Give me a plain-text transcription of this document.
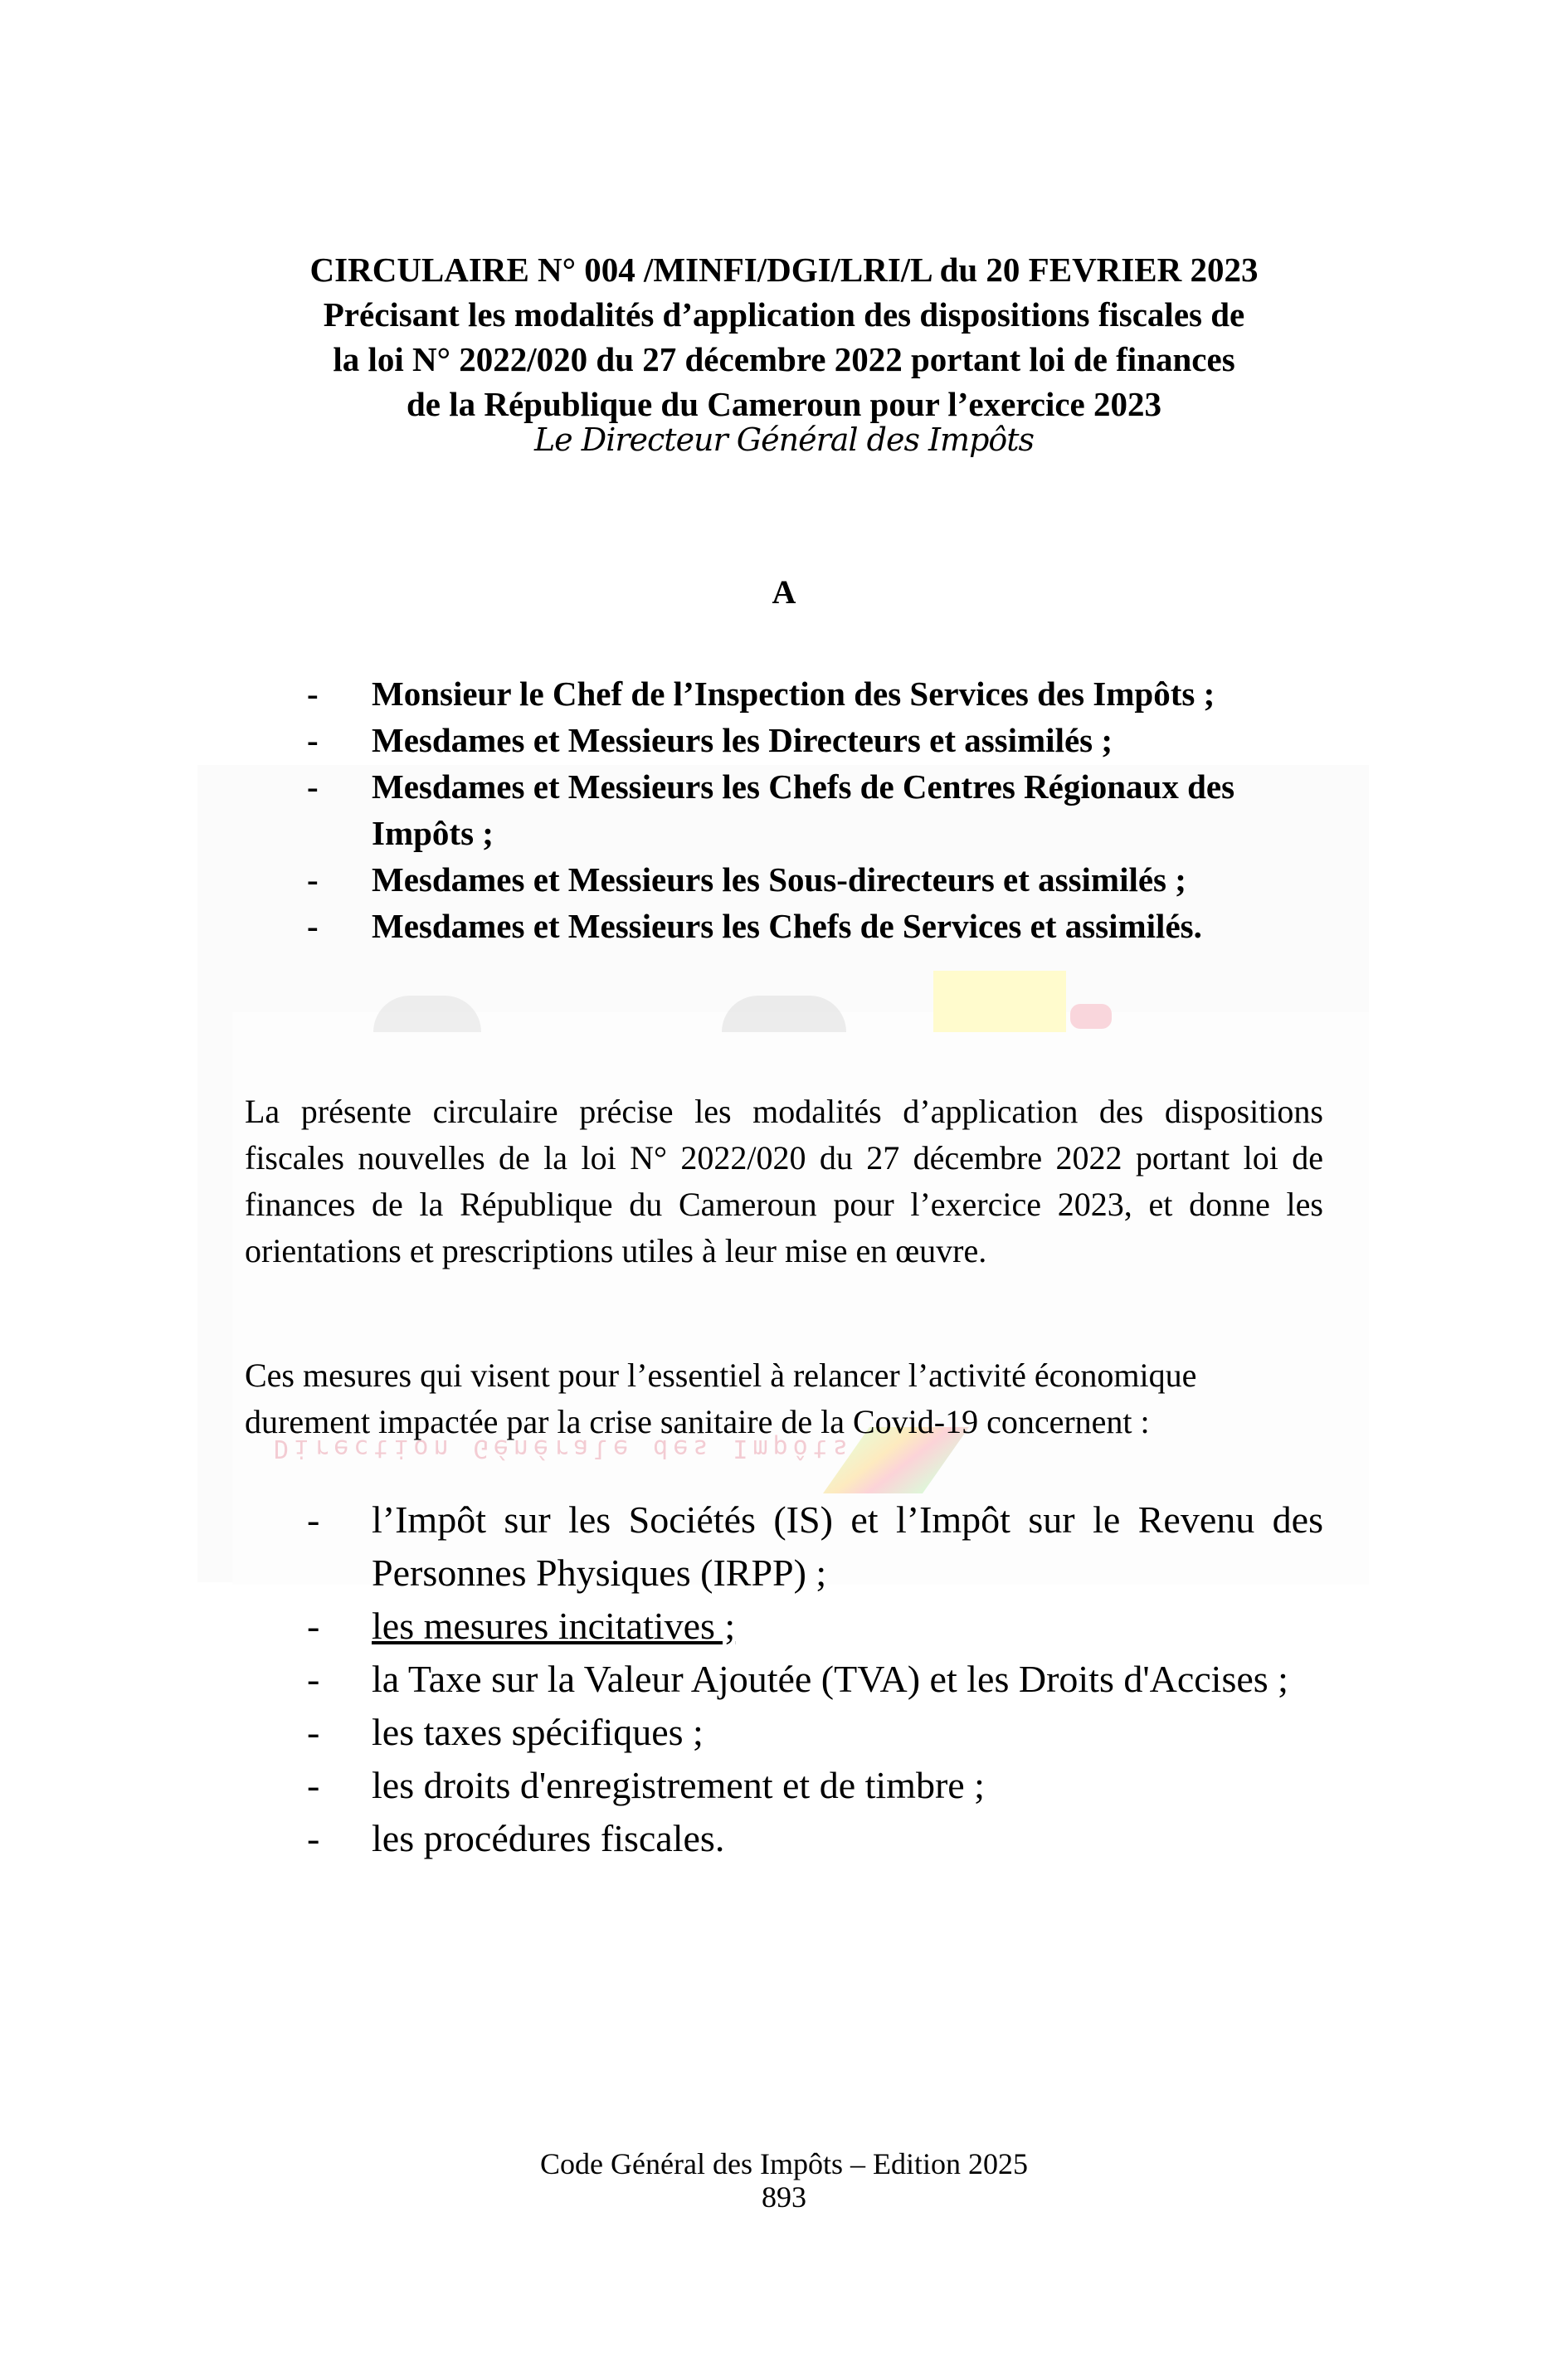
Direction Générale des Impôts
CIRCULAIRE N° 004 /MINFI/DGI/LRI/L du 20 FEVRIER 2023
Précisant les modalités d’application des dispositions fiscales de
la loi N° 2022/020 du 27 décembre 2022 portant loi de finances
de la République du Cameroun pour l’exercice 2023
Le Directeur Général des Impôts
A
- Monsieur le Chef de l’Inspection des Services des Impôts ;
- Mesdames et Messieurs les Directeurs et assimilés ;
- Mesdames et Messieurs les Chefs de Centres Régionaux des Impôts ;
- Mesdames et Messieurs les Sous-directeurs et assimilés ;
- Mesdames et Messieurs les Chefs de Services et assimilés.

La présente circulaire précise les modalités d’application des dispositions fiscales nouvelles de la loi N° 2022/020 du 27 décembre 2022 portant loi de finances de la République du Cameroun pour l’exercice 2023, et donne les orientations et prescriptions utiles à leur mise en œuvre.

Ces mesures qui visent pour l’essentiel à relancer l’activité économique durement impactée par la crise sanitaire de la Covid-19 concernent :

- l’Impôt sur les Sociétés (IS) et l’Impôt sur le Revenu des Personnes Physiques (IRPP) ;
- les mesures incitatives ;
- la Taxe sur la Valeur Ajoutée (TVA) et les Droits d'Accises ;
- les taxes spécifiques ;
- les droits d'enregistrement et de timbre ;
- les procédures fiscales.
Code Général des Impôts – Edition 2025
893
